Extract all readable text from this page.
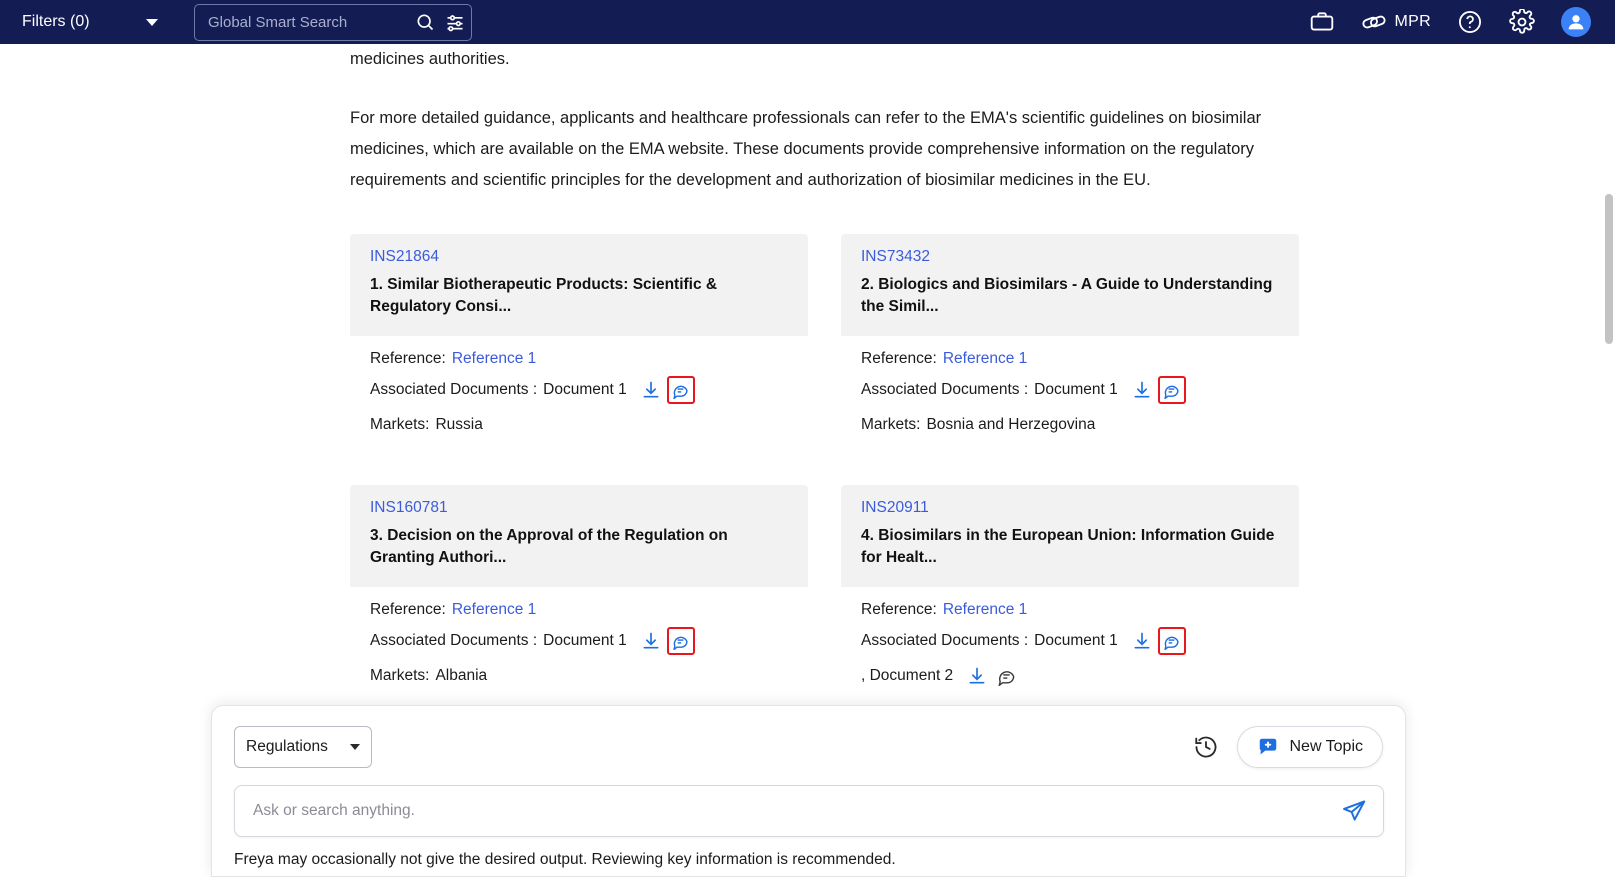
Filters (0)
Global Smart Search	MPR
medicines authorities.
For more detailed guidance, applicants and healthcare professionals can refer to the EMA's scientific guidelines on biosimilar medicines, which are available on the EMA website. These documents provide comprehensive information on the regulatory requirements and scientific principles for the development and authorization of biosimilar medicines in the EU.
INS21864
1. Similar Biotherapeutic Products: Scientific & Regulatory Consi...
Reference: Reference 1
Associated Documents : Document 1
Markets: Russia
INS73432
2. Biologics and Biosimilars - A Guide to Understanding the Simil...
Reference: Reference 1
Associated Documents : Document 1
Markets: Bosnia and Herzegovina
INS160781
3. Decision on the Approval of the Regulation on Granting Authori...
Reference: Reference 1
Associated Documents : Document 1
Markets: Albania
INS20911
4. Biosimilars in the European Union: Information Guide for Healt...
Reference: Reference 1
Associated Documents : Document 1
, Document 2
Regulations	New Topic
Ask or search anything.
Freya may occasionally not give the desired output. Reviewing key information is recommended.
